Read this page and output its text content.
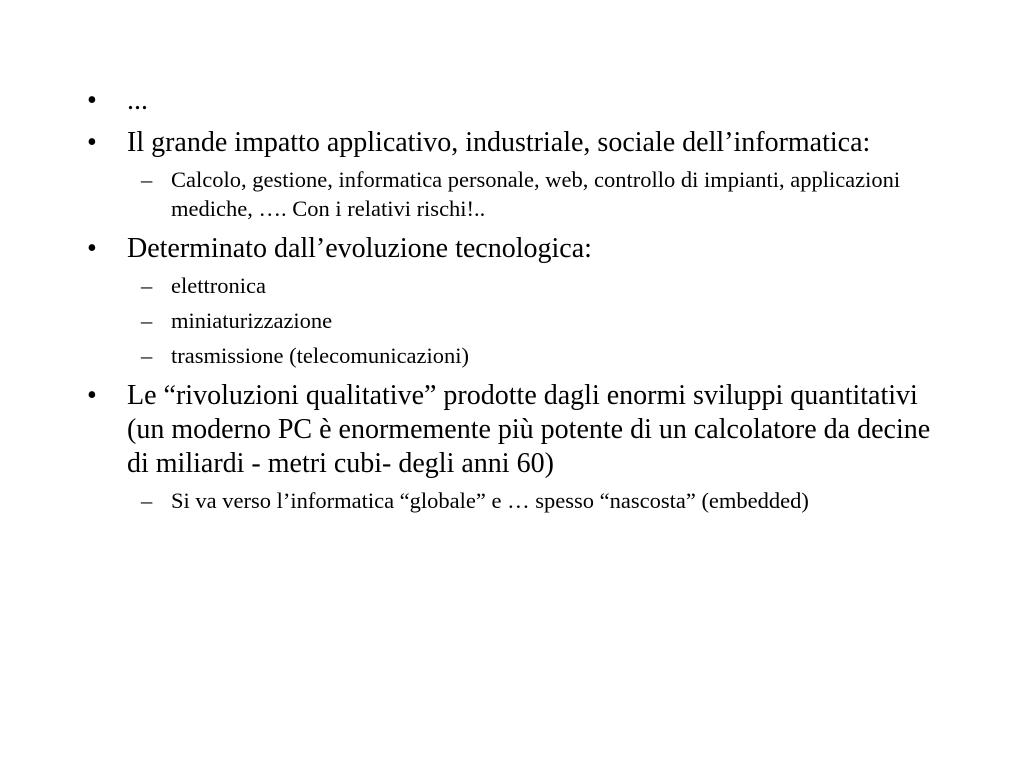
• ...
• Il grande impatto applicativo, industriale, sociale dell’informatica:
– Calcolo, gestione, informatica personale, web, controllo di impianti, applicazioni mediche, …. Con i relativi rischi!..
• Determinato dall’evoluzione tecnologica:
– elettronica
– miniaturizzazione
– trasmissione (telecomunicazioni)
• Le “rivoluzioni qualitative” prodotte dagli enormi sviluppi quantitativi (un moderno PC è enormemente più potente di un calcolatore da decine di miliardi - metri cubi- degli anni 60)
– Si va verso l’informatica “globale” e … spesso “nascosta” (embedded)
